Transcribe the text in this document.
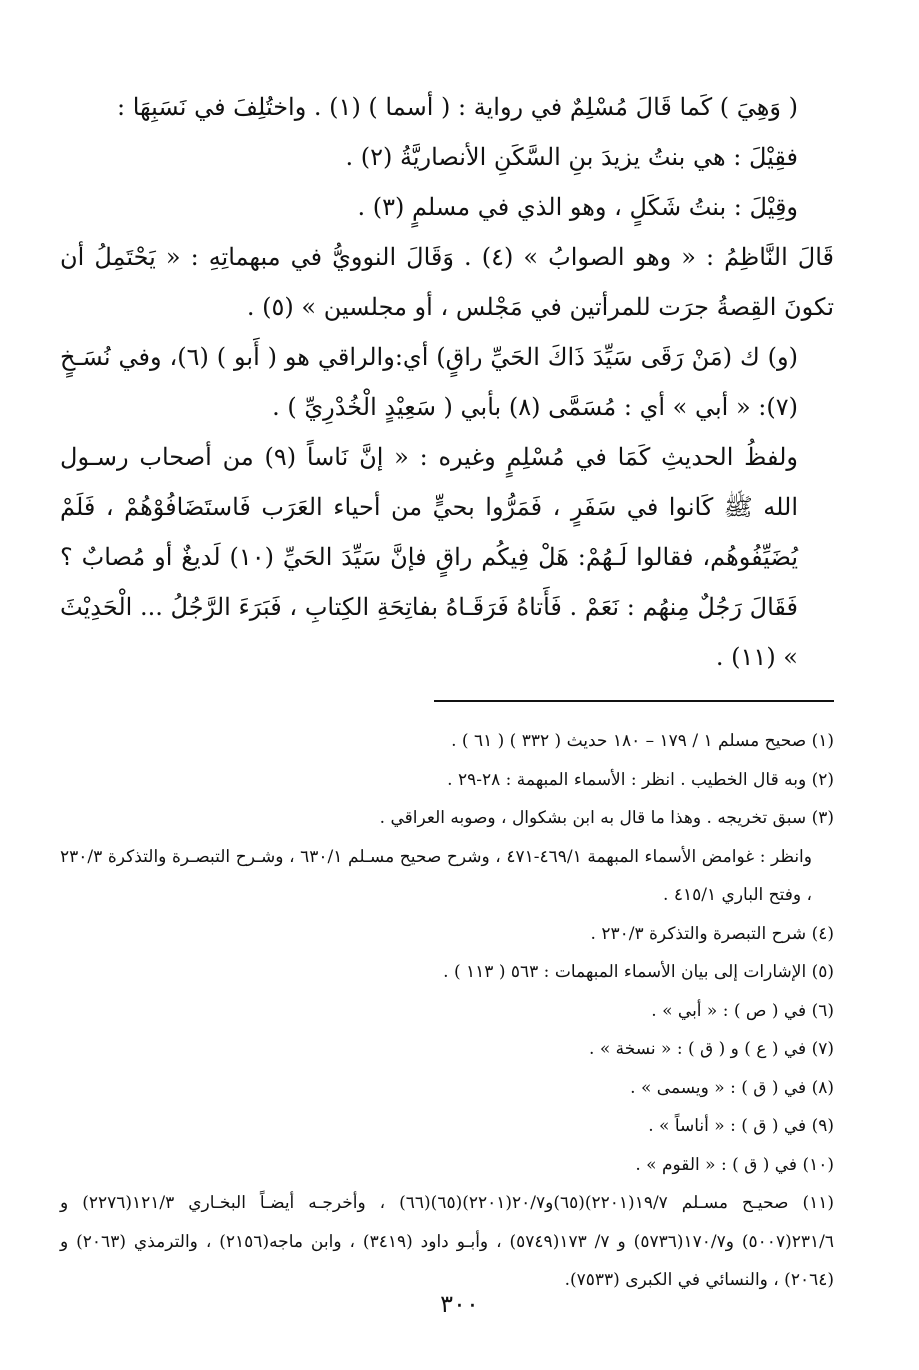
( وَهِيَ ) كَما قَالَ مُسْلِمٌ في رواية : ( أسما ) (١) . واختُلِفَ في نَسَبِهَا :

فقِيْلَ : هي بنتُ يزيدَ بنِ السَّكَنِ الأنصاريَّةُ (٢) .

وقِيْلَ : بنتُ شَكَلٍ ، وهو الذي في مسلمٍ (٣) .

قَالَ النَّاظِمُ : « وهو الصوابُ » (٤) . وَقَالَ النوويُّ في مبهماتِهِ : « يَحْتَمِلُ أن تكونَ القِصةُ جرَت للمرأتين في مَجْلس ، أو مجلسين » (٥) .

(و) ك (مَنْ رَقَى سَيِّدَ ذَاكَ الحَيِّ راقٍ) أي:والراقي هو ( أَبو ) (٦)، وفي نُسَـخٍ (٧): « أبي » أي : مُسَمَّى (٨) بأبي ( سَعِيْدٍ الْخُدْرِيِّ ) .

ولفظُ الحديثِ كَمَا في مُسْلِمٍ وغيره : « إنَّ نَاساً (٩) من أصحاب رسـول الله ﷺ كَانوا في سَفَرٍ ، فَمَرُّوا بحيٍّ من أحياء العَرَب فَاستَضَافُوْهُمْ ، فَلَمْ يُضَيِّفُوهُم، فقالوا لَـهُمْ: هَلْ فِيكُم راقٍ فإنَّ سَيِّدَ الحَيِّ (١٠) لَديغٌ أو مُصابٌ ؟ فَقَالَ رَجُلٌ مِنهُم : نَعَمْ . فَأَتاهُ فَرَقَـاهُ بفاتِحَةِ الكِتابِ ، فَبَرَءَ الرَّجُلُ ... الْحَدِيْثَ » (١١) .

(١) صحيح مسلم ١ / ١٧٩ – ١٨٠ حديث ( ٣٣٢ ) ( ٦١ ) .

(٢) وبه قال الخطيب . انظر : الأسماء المبهمة : ٢٨-٢٩ .

(٣) سبق تخريجه . وهذا ما قال به ابن بشكوال ، وصوبه العراقي .

وانظر : غوامض الأسماء المبهمة ٤٦٩/١-٤٧١ ، وشرح صحيح مسـلم ٦٣٠/١ ، وشـرح التبصـرة والتذكرة ٢٣٠/٣ ، وفتح الباري ٤١٥/١ .

(٤) شرح التبصرة والتذكرة ٢٣٠/٣ .

(٥) الإشارات إلى بيان الأسماء المبهمات : ٥٦٣ ( ١١٣ ) .

(٦) في ( ص ) : « أبي » .

(٧) في ( ع ) و ( ق ) : « نسخة » .

(٨) في ( ق ) : « ويسمى » .

(٩) في ( ق ) : « أناساً » .

(١٠) في ( ق ) : « القوم » .

(١١) صحيـح مسـلم ١٩/٧(٢٢٠١)(٦٥)و٢٠/٧(٢٢٠١)(٦٥)(٦٦) ، وأخرجـه أيضـاً البخـاري ١٢١/٣(٢٢٧٦) و ٢٣١/٦(٥٠٠٧) و١٧٠/٧(٥٧٣٦) و ٧/ ١٧٣(٥٧٤٩) ، وأبـو داود (٣٤١٩) ، وابن ماجه(٢١٥٦) ، والترمذي (٢٠٦٣) و (٢٠٦٤) ، والنسائي في الكبرى (٧٥٣٣).

٣٠٠
